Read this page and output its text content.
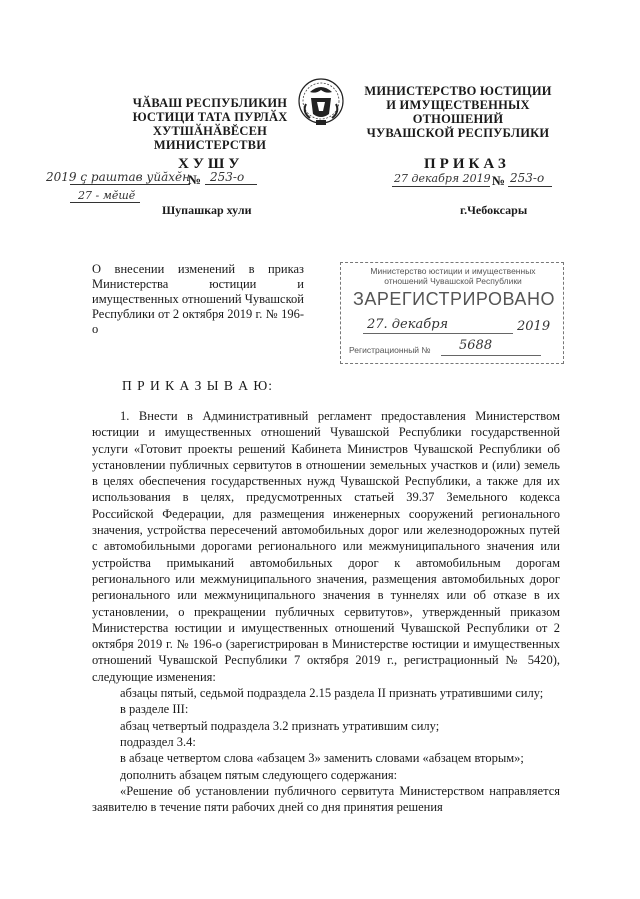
ЧӐВАШ РЕСПУБЛИКИН
ЮСТИЦИ ТАТА ПУРЛӐХ
ХУТШӐНӐВĔСЕН
МИНИСТЕРСТВИ
МИНИСТЕРСТВО ЮСТИЦИИ
И ИМУЩЕСТВЕННЫХ
ОТНОШЕНИЙ
ЧУВАШСКОЙ РЕСПУБЛИКИ
ХУШУ
2019 ҫ раштав уйӑхӗн
№ 253-о
27 - мӗшӗ
Шупашкар хули
ПРИКАЗ
27 декабря 2019 № 253-о
г.Чебоксары
О внесении изменений в приказ Министерства юстиции и имущественных отношений Чувашской Республики от 2 октября 2019 г. № 196-о
Министерство юстиции и имущественных
отношений Чувашской Республики
ЗАРЕГИСТРИРОВАНО
27. декабря	2019
Регистрационный № 5688
П Р И К А З Ы В А Ю:

1. Внести в Административный регламент предоставления Министерством юстиции и имущественных отношений Чувашской Республики государственной услуги «Готовит проекты решений Кабинета Министров Чувашской Республики об установлении публичных сервитутов в отношении земельных участков и (или) земель в целях обеспечения государственных нужд Чувашской Республики, а также для их использования в целях, предусмотренных статьей 39.37 Земельного кодекса Российской Федерации, для размещения инженерных сооружений регионального значения, устройства пересечений автомобильных дорог или железнодорожных путей с автомобильными дорогами регионального или межмуниципального значения или устройства примыканий автомобильных дорог к автомобильным дорогам регионального или межмуниципального значения, размещения автомобильных дорог регионального или межмуниципального значения в туннелях или об отказе в их установлении, о прекращении публичных сервитутов», утвержденный приказом Министерства юстиции и имущественных отношений Чувашской Республики от 2 октября 2019 г. № 196-о (зарегистрирован в Министерстве юстиции и имущественных отношений Чувашской Республики 7 октября 2019 г., регистрационный № 5420), следующие изменения:

абзацы пятый, седьмой подраздела 2.15 раздела II признать утратившими силу;

в разделе III:

абзац четвертый подраздела 3.2 признать утратившим силу;

подраздел 3.4:

в абзаце четвертом слова «абзацем 3» заменить словами «абзацем вторым»;

дополнить абзацем пятым следующего содержания:

«Решение об установлении публичного сервитута Министерством направляется заявителю в течение пяти рабочих дней со дня принятия решения
